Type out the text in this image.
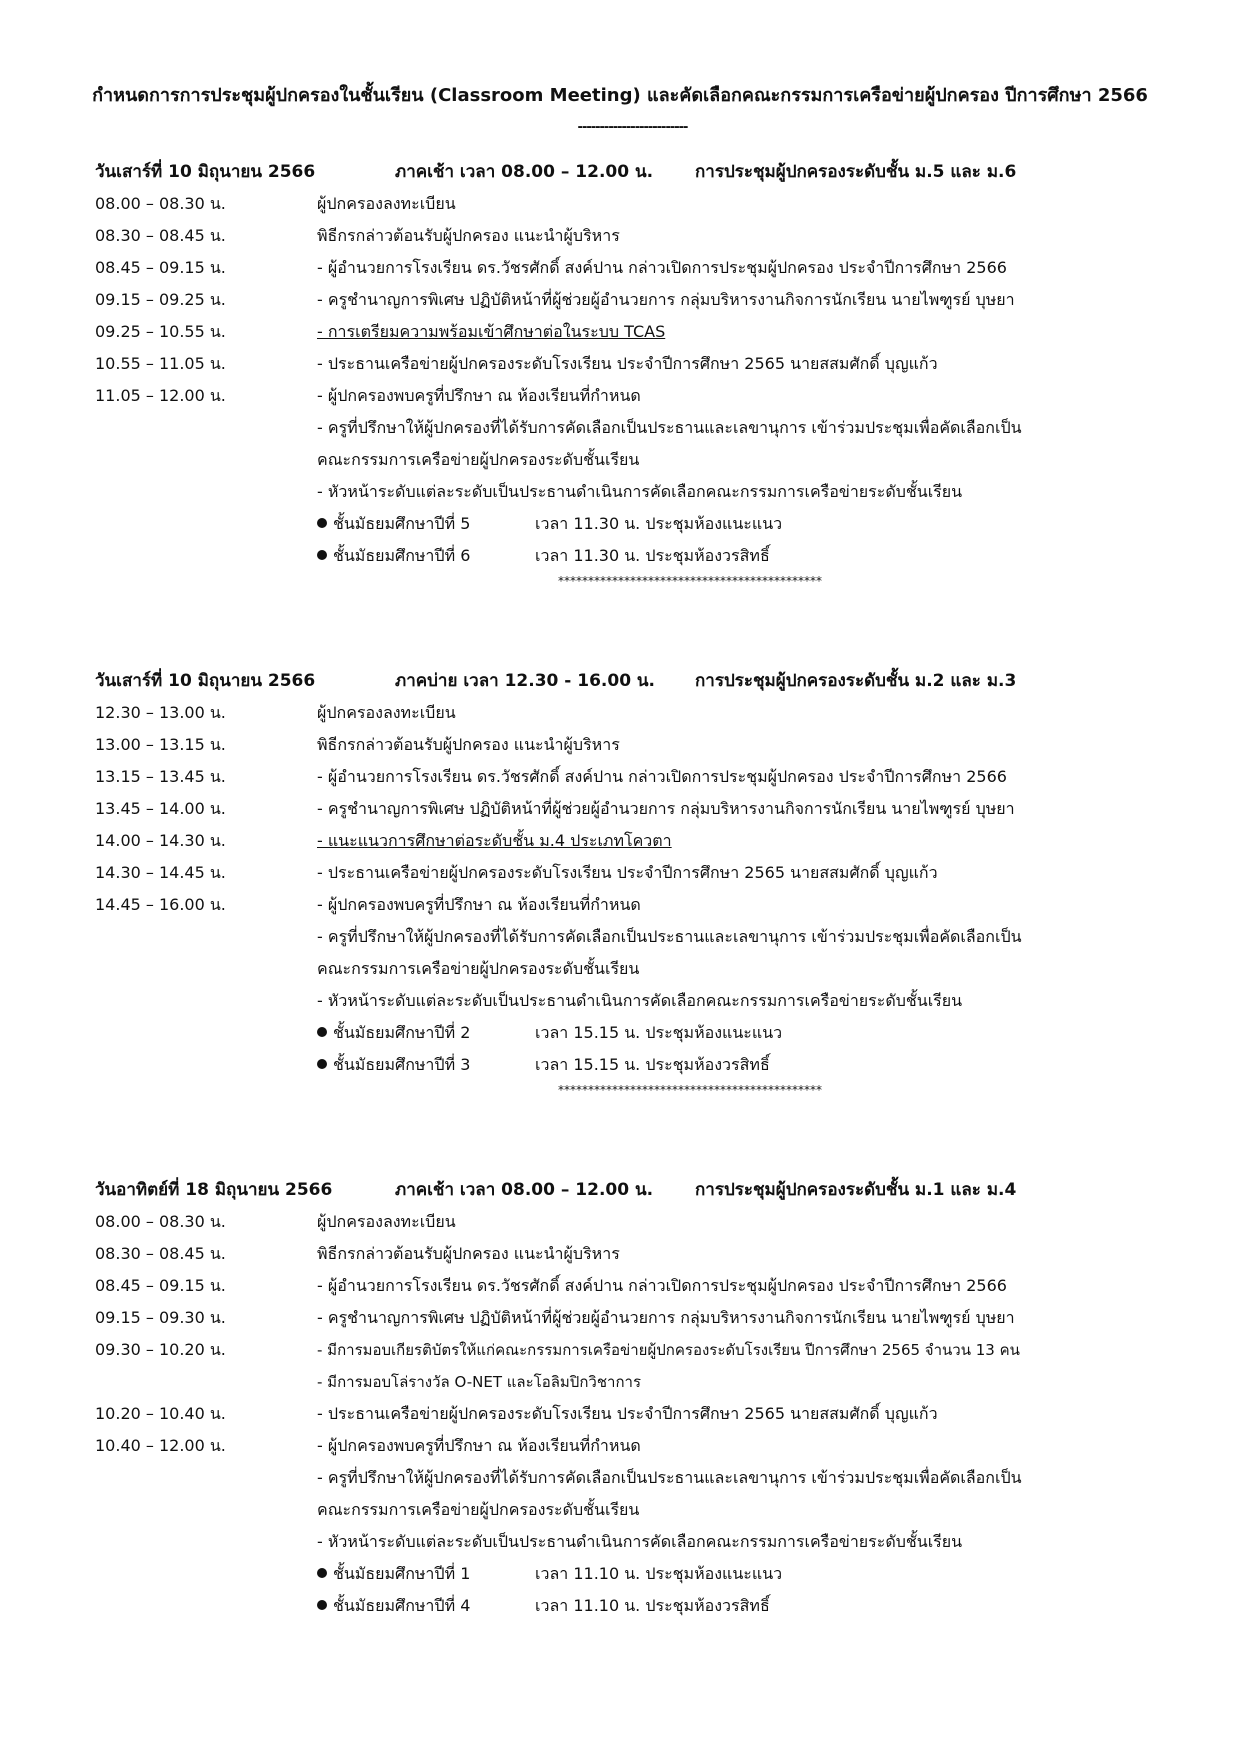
กำหนดการการประชุมผู้ปกครองในชั้นเรียน (Classroom Meeting) และคัดเลือกคณะกรรมการเครือข่ายผู้ปกครอง ปีการศึกษา 2566
-------------------------
วันเสาร์ที่ 10 มิถุนายน 2566	ภาคเช้า เวลา 08.00 – 12.00 น. การประชุมผู้ปกครองระดับชั้น ม.5 และ ม.6
08.00 – 08.30 น.	ผู้ปกครองลงทะเบียน
08.30 – 08.45 น.	พิธีกรกล่าวต้อนรับผู้ปกครอง แนะนำผู้บริหาร
08.45 – 09.15 น.	- ผู้อำนวยการโรงเรียน ดร.วัชรศักดิ์ สงค์ปาน กล่าวเปิดการประชุมผู้ปกครอง ประจำปีการศึกษา 2566
09.15 – 09.25 น.	- ครูชำนาญการพิเศษ ปฏิบัติหน้าที่ผู้ช่วยผู้อำนวยการ กลุ่มบริหารงานกิจการนักเรียน นายไพฑูรย์ บุษยา
09.25 – 10.55 น.	- การเตรียมความพร้อมเข้าศึกษาต่อในระบบ TCAS
10.55 – 11.05 น.	- ประธานเครือข่ายผู้ปกครองระดับโรงเรียน ประจำปีการศึกษา 2565 นายสสมศักดิ์ บุญแก้ว
11.05 – 12.00 น.	- ผู้ปกครองพบครูที่ปรึกษา ณ ห้องเรียนที่กำหนด
- ครูที่ปรึกษาให้ผู้ปกครองที่ได้รับการคัดเลือกเป็นประธานและเลขานุการ เข้าร่วมประชุมเพื่อคัดเลือกเป็น
คณะกรรมการเครือข่ายผู้ปกครองระดับชั้นเรียน
- หัวหน้าระดับแต่ละระดับเป็นประธานดำเนินการคัดเลือกคณะกรรมการเครือข่ายระดับชั้นเรียน
ชั้นมัธยมศึกษาปีที่ 5	เวลา 11.30 น. ประชุมห้องแนะแนว
ชั้นมัธยมศึกษาปีที่ 6	เวลา 11.30 น. ประชุมห้องวรสิทธิ์
********************************************
วันเสาร์ที่ 10 มิถุนายน 2566	ภาคบ่าย เวลา 12.30 - 16.00 น. การประชุมผู้ปกครองระดับชั้น ม.2 และ ม.3
12.30 – 13.00 น.	ผู้ปกครองลงทะเบียน
13.00 – 13.15 น.	พิธีกรกล่าวต้อนรับผู้ปกครอง แนะนำผู้บริหาร
13.15 – 13.45 น.	- ผู้อำนวยการโรงเรียน ดร.วัชรศักดิ์ สงค์ปาน กล่าวเปิดการประชุมผู้ปกครอง ประจำปีการศึกษา 2566
13.45 – 14.00 น.	- ครูชำนาญการพิเศษ ปฏิบัติหน้าที่ผู้ช่วยผู้อำนวยการ กลุ่มบริหารงานกิจการนักเรียน นายไพฑูรย์ บุษยา
14.00 – 14.30 น.	- แนะแนวการศึกษาต่อระดับชั้น ม.4 ประเภทโควตา
14.30 – 14.45 น.	- ประธานเครือข่ายผู้ปกครองระดับโรงเรียน ประจำปีการศึกษา 2565 นายสสมศักดิ์ บุญแก้ว
14.45 – 16.00 น.	- ผู้ปกครองพบครูที่ปรึกษา ณ ห้องเรียนที่กำหนด
- ครูที่ปรึกษาให้ผู้ปกครองที่ได้รับการคัดเลือกเป็นประธานและเลขานุการ เข้าร่วมประชุมเพื่อคัดเลือกเป็น
คณะกรรมการเครือข่ายผู้ปกครองระดับชั้นเรียน
- หัวหน้าระดับแต่ละระดับเป็นประธานดำเนินการคัดเลือกคณะกรรมการเครือข่ายระดับชั้นเรียน
ชั้นมัธยมศึกษาปีที่ 2	เวลา 15.15 น. ประชุมห้องแนะแนว
ชั้นมัธยมศึกษาปีที่ 3	เวลา 15.15 น. ประชุมห้องวรสิทธิ์
********************************************
วันอาทิตย์ที่ 18 มิถุนายน 2566	ภาคเช้า เวลา 08.00 – 12.00 น. การประชุมผู้ปกครองระดับชั้น ม.1 และ ม.4
08.00 – 08.30 น.	ผู้ปกครองลงทะเบียน
08.30 – 08.45 น.	พิธีกรกล่าวต้อนรับผู้ปกครอง แนะนำผู้บริหาร
08.45 – 09.15 น.	- ผู้อำนวยการโรงเรียน ดร.วัชรศักดิ์ สงค์ปาน กล่าวเปิดการประชุมผู้ปกครอง ประจำปีการศึกษา 2566
09.15 – 09.30 น.	- ครูชำนาญการพิเศษ ปฏิบัติหน้าที่ผู้ช่วยผู้อำนวยการ กลุ่มบริหารงานกิจการนักเรียน นายไพฑูรย์ บุษยา
09.30 – 10.20 น.	- มีการมอบเกียรติบัตรให้แก่คณะกรรมการเครือข่ายผู้ปกครองระดับโรงเรียน ปีการศึกษา 2565 จำนวน 13 คน
- มีการมอบโล่รางวัล O-NET และโอลิมปิกวิชาการ
10.20 – 10.40 น.	- ประธานเครือข่ายผู้ปกครองระดับโรงเรียน ประจำปีการศึกษา 2565 นายสสมศักดิ์ บุญแก้ว
10.40 – 12.00 น.	- ผู้ปกครองพบครูที่ปรึกษา ณ ห้องเรียนที่กำหนด
- ครูที่ปรึกษาให้ผู้ปกครองที่ได้รับการคัดเลือกเป็นประธานและเลขานุการ เข้าร่วมประชุมเพื่อคัดเลือกเป็น
คณะกรรมการเครือข่ายผู้ปกครองระดับชั้นเรียน
- หัวหน้าระดับแต่ละระดับเป็นประธานดำเนินการคัดเลือกคณะกรรมการเครือข่ายระดับชั้นเรียน
ชั้นมัธยมศึกษาปีที่ 1	เวลา 11.10 น. ประชุมห้องแนะแนว
ชั้นมัธยมศึกษาปีที่ 4	เวลา 11.10 น. ประชุมห้องวรสิทธิ์
